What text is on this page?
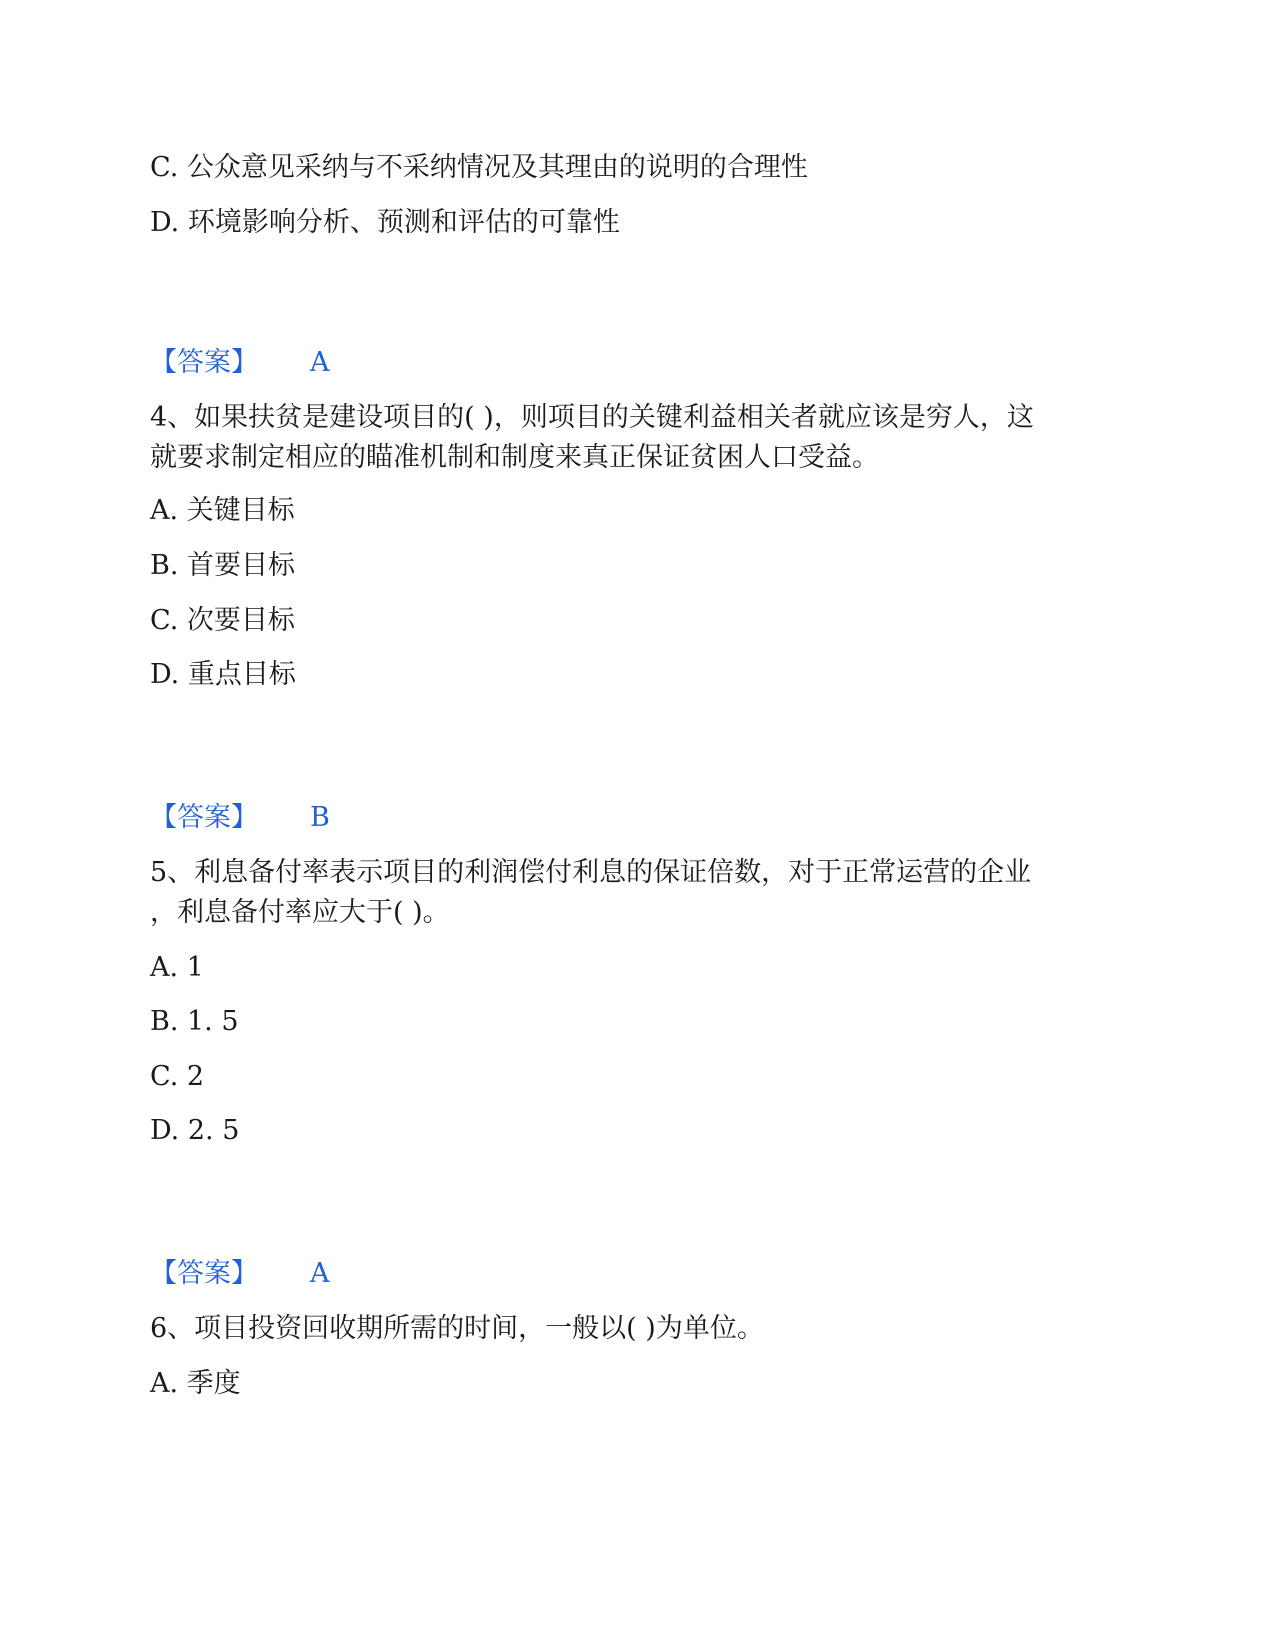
C. 公众意见采纳与不采纳情况及其理由的说明的合理性
D. 环境影响分析、预测和评估的可靠性
【答案】 A
4、如果扶贫是建设项目的( )，则项目的关键利益相关者就应该是穷人，这
就要求制定相应的瞄准机制和制度来真正保证贫困人口受益。
A. 关键目标
B. 首要目标
C. 次要目标
D. 重点目标
【答案】 B
5、利息备付率表示项目的利润偿付利息的保证倍数，对于正常运营的企业
，利息备付率应大于( )。
A. 1
B. 1. 5
C. 2
D. 2. 5
【答案】 A
6、项目投资回收期所需的时间，一般以( )为单位。
A. 季度
